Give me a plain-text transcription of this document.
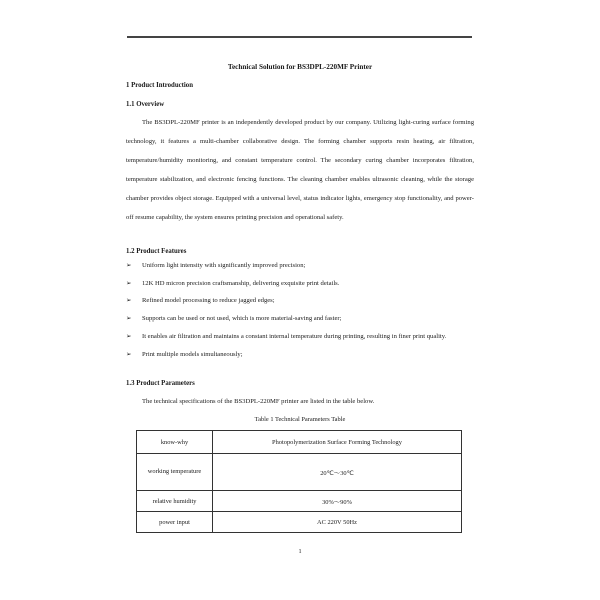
Technical Solution for BS3DPL-220MF Printer
1 Product Introduction
1.1 Overview
The BS3DPL-220MF printer is an independently developed product by our company. Utilizing light-curing surface forming technology, it features a multi-chamber collaborative design. The forming chamber supports resin heating, air filtration, temperature/humidity monitoring, and constant temperature control. The secondary curing chamber incorporates filtration, temperature stabilization, and electronic fencing functions. The cleaning chamber enables ultrasonic cleaning, while the storage chamber provides object storage. Equipped with a universal level, status indicator lights, emergency stop functionality, and power-off resume capability, the system ensures printing precision and operational safety.
1.2 Product Features
➢ Uniform light intensity with significantly improved precision;
➢ 12K HD micron precision craftsmanship, delivering exquisite print details.
➢ Refined model processing to reduce jagged edges;
➢ Supports can be used or not used, which is more material-saving and faster;
➢ It enables air filtration and maintains a constant internal temperature during printing, resulting in finer print quality.
➢ Print multiple models simultaneously;
1.3 Product Parameters
The technical specifications of the BS3DPL-220MF printer are listed in the table below.
Table 1 Technical Parameters Table
know-why	Photopolymerization Surface Forming Technology
working temperature	20℃～30℃
relative humidity	30%～90%
power input	AC 220V 50Hz
1
